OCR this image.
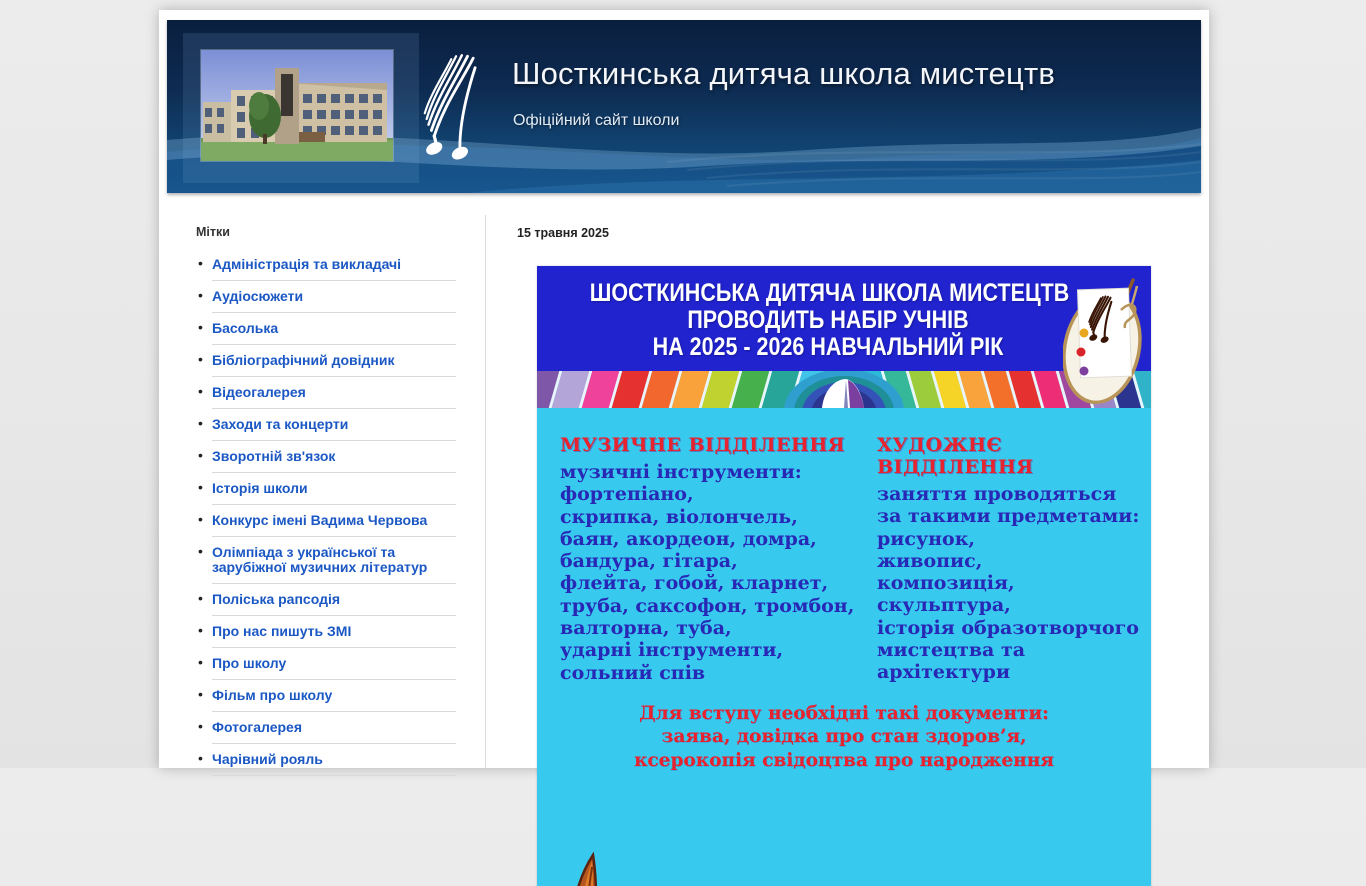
Шосткинська дитяча школа мистецтв
Офіційний сайт школи
Мітки
• Адміністрація та викладачі
• Аудіосюжети
• Басолька
• Бібліографічний довідник
• Відеогалерея
• Заходи та концерти
• Зворотній зв'язок
• Історія школи
• Конкурс імені Вадима Червова
• Олімпіада з української та зарубіжної музичних літератур
• Поліська рапсодія
• Про нас пишуть ЗМІ
• Про школу
• Фільм про школу
• Фотогалерея
• Чарівний рояль
15 травня 2025
ШОСТКИНСЬКА ДИТЯЧА ШКОЛА МИСТЕЦТВ
ПРОВОДИТЬ НАБІР УЧНІВ
НА 2025 - 2026 НАВЧАЛЬНИЙ РІК
МУЗИЧНЕ ВІДДІЛЕННЯ
музичні інструменти:
фортепіано,
скрипка, віолончель,
баян, акордеон, домра,
бандура, гітара,
флейта, гобой, кларнет,
труба, саксофон, тромбон,
валторна, туба,
ударні інструменти,
сольний спів
ХУДОЖНЄ ВІДДІЛЕННЯ
заняття проводяться
за такими предметами:
рисунок,
живопис,
композиція,
скульптура,
історія образотворчого
мистецтва та
архітектури
Для вступу необхідні такі документи:
заява, довідка про стан здоров’я,
ксерокопія свідоцтва про народження
